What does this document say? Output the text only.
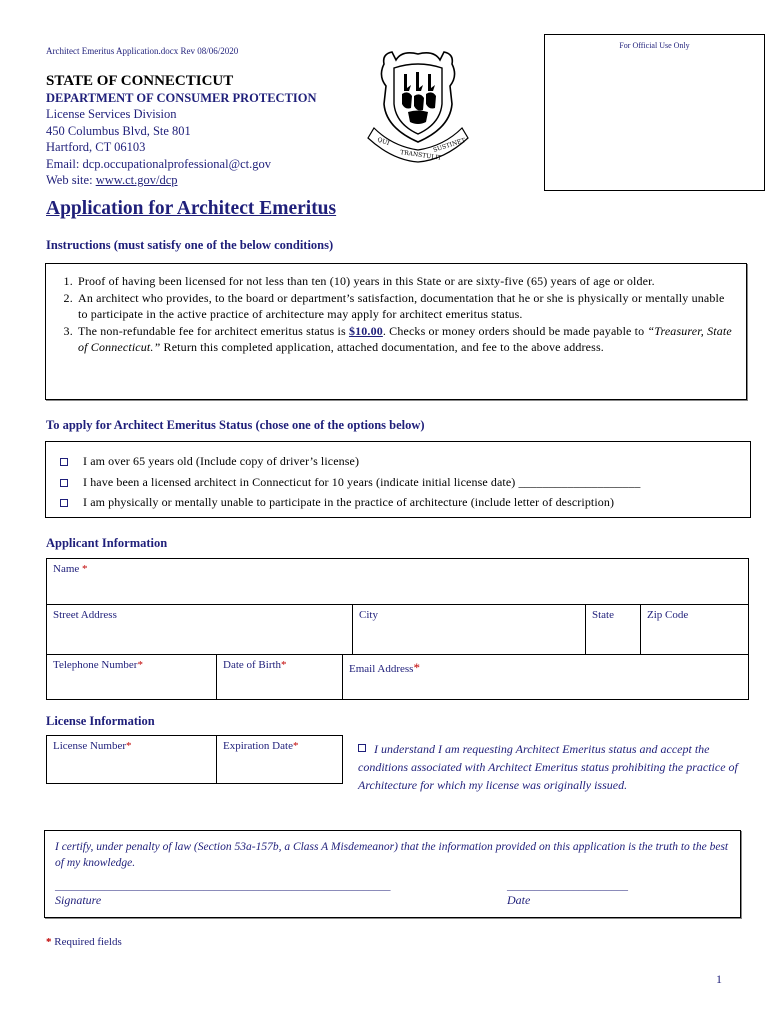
Architect Emeritus Application.docx Rev 08/06/2020
For Official Use Only
QUI
TRANSTULIT
SUSTINET
STATE OF CONNECTICUT
DEPARTMENT OF CONSUMER PROTECTION
License Services Division
450 Columbus Blvd, Ste 801
Hartford, CT 06103
Email: dcp.occupationalprofessional@ct.gov
Web site: www.ct.gov/dcp
Application for Architect Emeritus
Instructions (must satisfy one of the below conditions)
1. Proof of having been licensed for not less than ten (10) years in this State or are sixty-five (65) years of age or older.
2. An architect who provides, to the board or department’s satisfaction, documentation that he or she is physically or mentally unable to participate in the active practice of architecture may apply for architect emeritus status.
3. The non-refundable fee for architect emeritus status is $10.00. Checks or money orders should be made payable to “Treasurer, State of Connecticut.” Return this completed application, attached documentation, and fee to the above address.
To apply for Architect Emeritus Status (chose one of the options below)
I am over 65 years old (Include copy of driver’s license)
I have been a licensed architect in Connecticut for 10 years (indicate initial license date) ____________________
I am physically or mentally unable to participate in the practice of architecture (include letter of description)
Applicant Information
Name *
Street Address	City	State	Zip Code
Telephone Number*	Date of Birth*	Email Address*
License Information
License Number*	Expiration Date*	I understand I am requesting Architect Emeritus status and accept the conditions associated with Architect Emeritus status prohibiting the practice of Architecture for which my license was originally issued.
I certify, under penalty of law (Section 53a-157b, a Class A Misdemeanor) that the information provided on this application is the truth to the best of my knowledge.
_____________________________________________________________	______________________
Signature	Date
* Required fields
1
